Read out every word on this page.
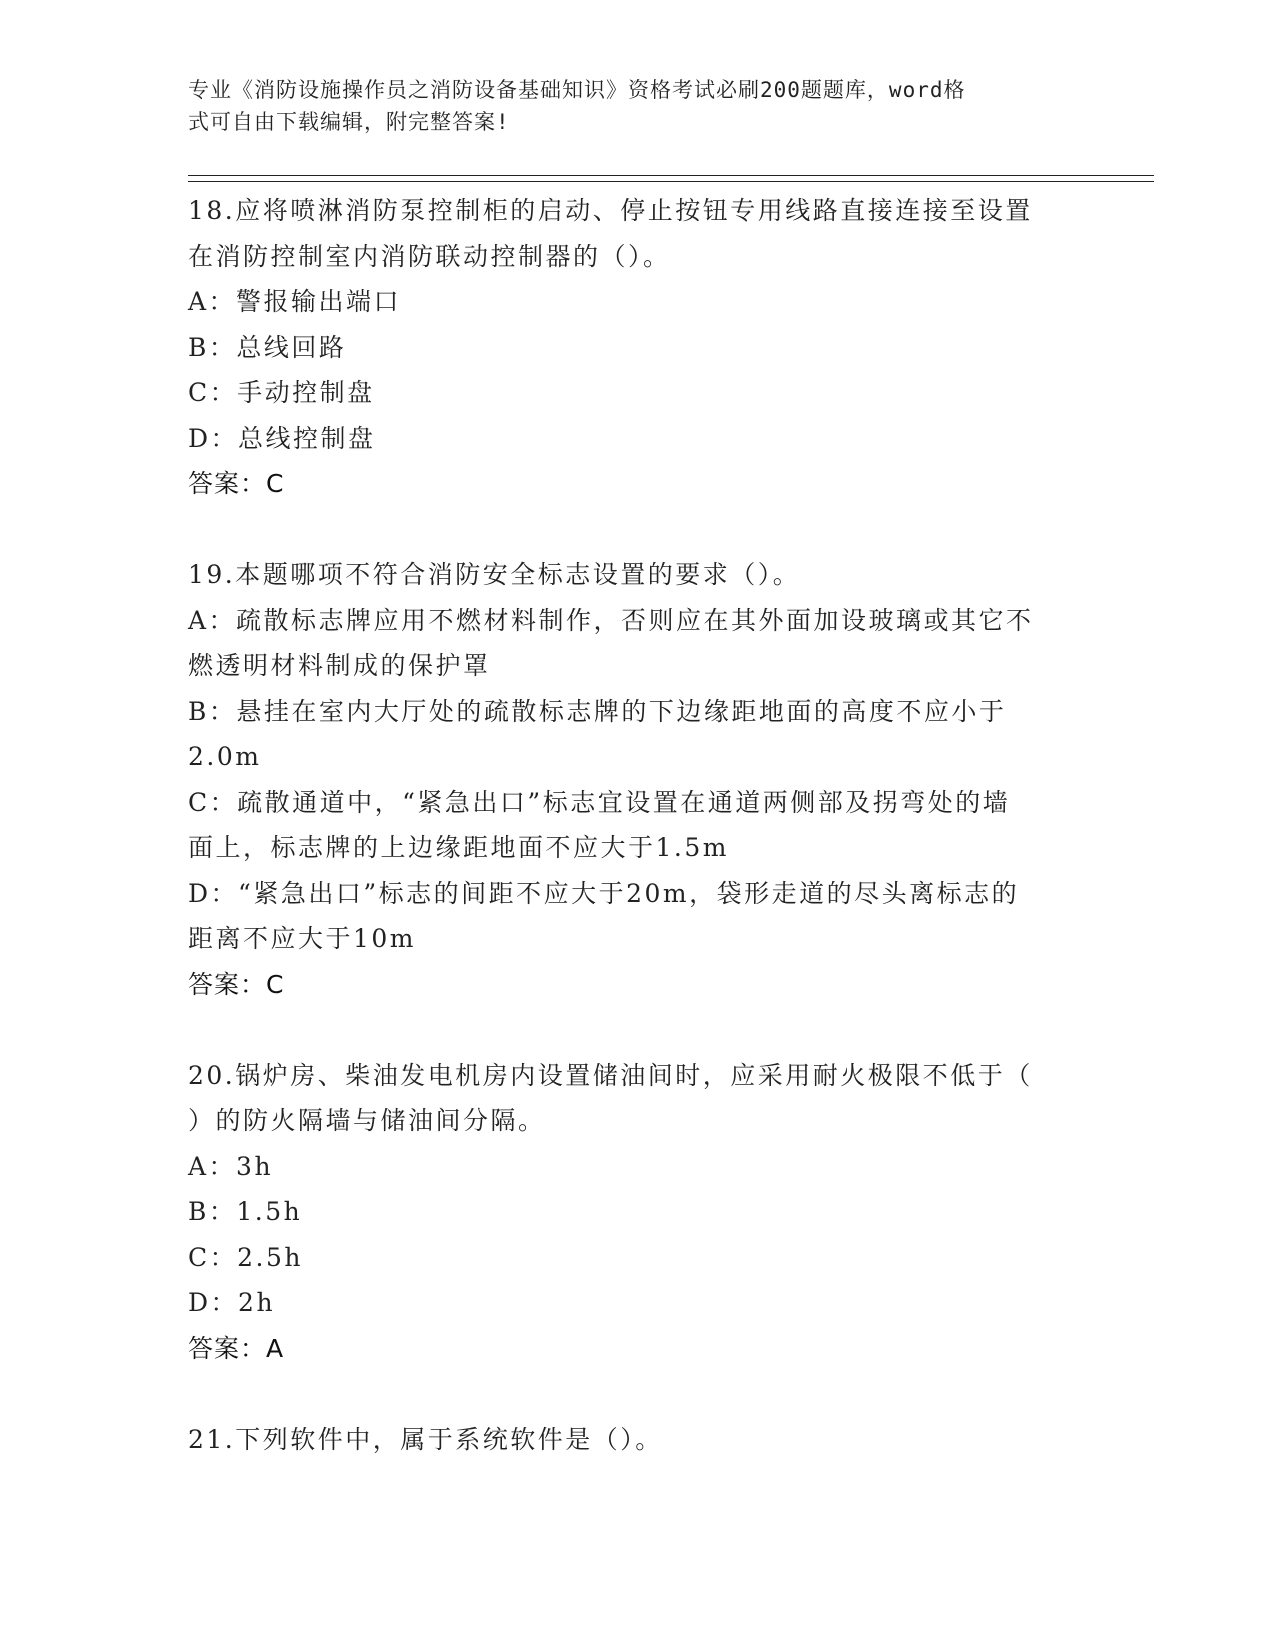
专业《消防设施操作员之消防设备基础知识》资格考试必刷200题题库，word格
式可自由下载编辑，附完整答案!
18.应将喷淋消防泵控制柜的启动、停止按钮专用线路直接连接至设置
在消防控制室内消防联动控制器的（）。
A：警报输出端口
B：总线回路
C：手动控制盘
D：总线控制盘
答案：C
19.本题哪项不符合消防安全标志设置的要求（）。
A：疏散标志牌应用不燃材料制作，否则应在其外面加设玻璃或其它不
燃透明材料制成的保护罩
B：悬挂在室内大厅处的疏散标志牌的下边缘距地面的高度不应小于
2.0m
C：疏散通道中，“紧急出口”标志宜设置在通道两侧部及拐弯处的墙
面上，标志牌的上边缘距地面不应大于1.5m
D：“紧急出口”标志的间距不应大于20m，袋形走道的尽头离标志的
距离不应大于10m
答案：C
20.锅炉房、柴油发电机房内设置储油间时，应采用耐火极限不低于（
）的防火隔墙与储油间分隔。
A：3h
B：1.5h
C：2.5h
D：2h
答案：A
21.下列软件中，属于系统软件是（）。
